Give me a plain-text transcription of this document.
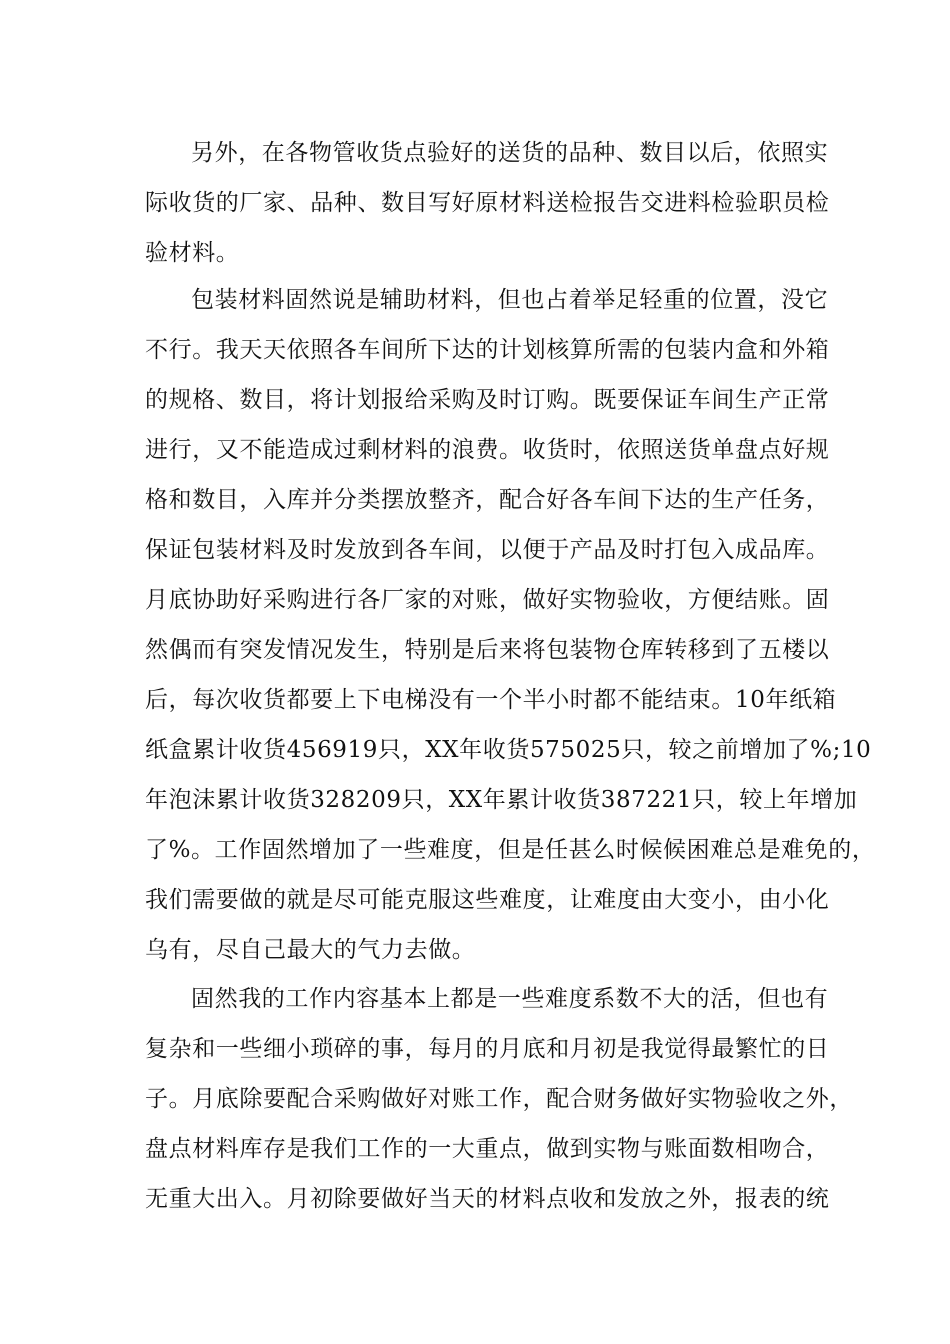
另外，在各物管收货点验好的送货的品种、数目以后，依照实
际收货的厂家、品种、数目写好原材料送检报告交进料检验职员检
验材料。
包装材料固然说是辅助材料，但也占着举足轻重的位置，没它
不行。我天天依照各车间所下达的计划核算所需的包装内盒和外箱
的规格、数目，将计划报给采购及时订购。既要保证车间生产正常
进行，又不能造成过剩材料的浪费。收货时，依照送货单盘点好规
格和数目，入库并分类摆放整齐，配合好各车间下达的生产任务，
保证包装材料及时发放到各车间，以便于产品及时打包入成品库。
月底协助好采购进行各厂家的对账，做好实物验收，方便结账。固
然偶而有突发情况发生，特别是后来将包装物仓库转移到了五楼以
后，每次收货都要上下电梯没有一个半小时都不能结束。10年纸箱
纸盒累计收货456919只，XX年收货575025只，较之前增加了%;10
年泡沫累计收货328209只，XX年累计收货387221只，较上年增加
了%。工作固然增加了一些难度，但是任甚么时候候困难总是难免的，
我们需要做的就是尽可能克服这些难度，让难度由大变小，由小化
乌有，尽自己最大的气力去做。
固然我的工作内容基本上都是一些难度系数不大的活，但也有
复杂和一些细小琐碎的事，每月的月底和月初是我觉得最繁忙的日
子。月底除要配合采购做好对账工作，配合财务做好实物验收之外，
盘点材料库存是我们工作的一大重点，做到实物与账面数相吻合，
无重大出入。月初除要做好当天的材料点收和发放之外，报表的统
